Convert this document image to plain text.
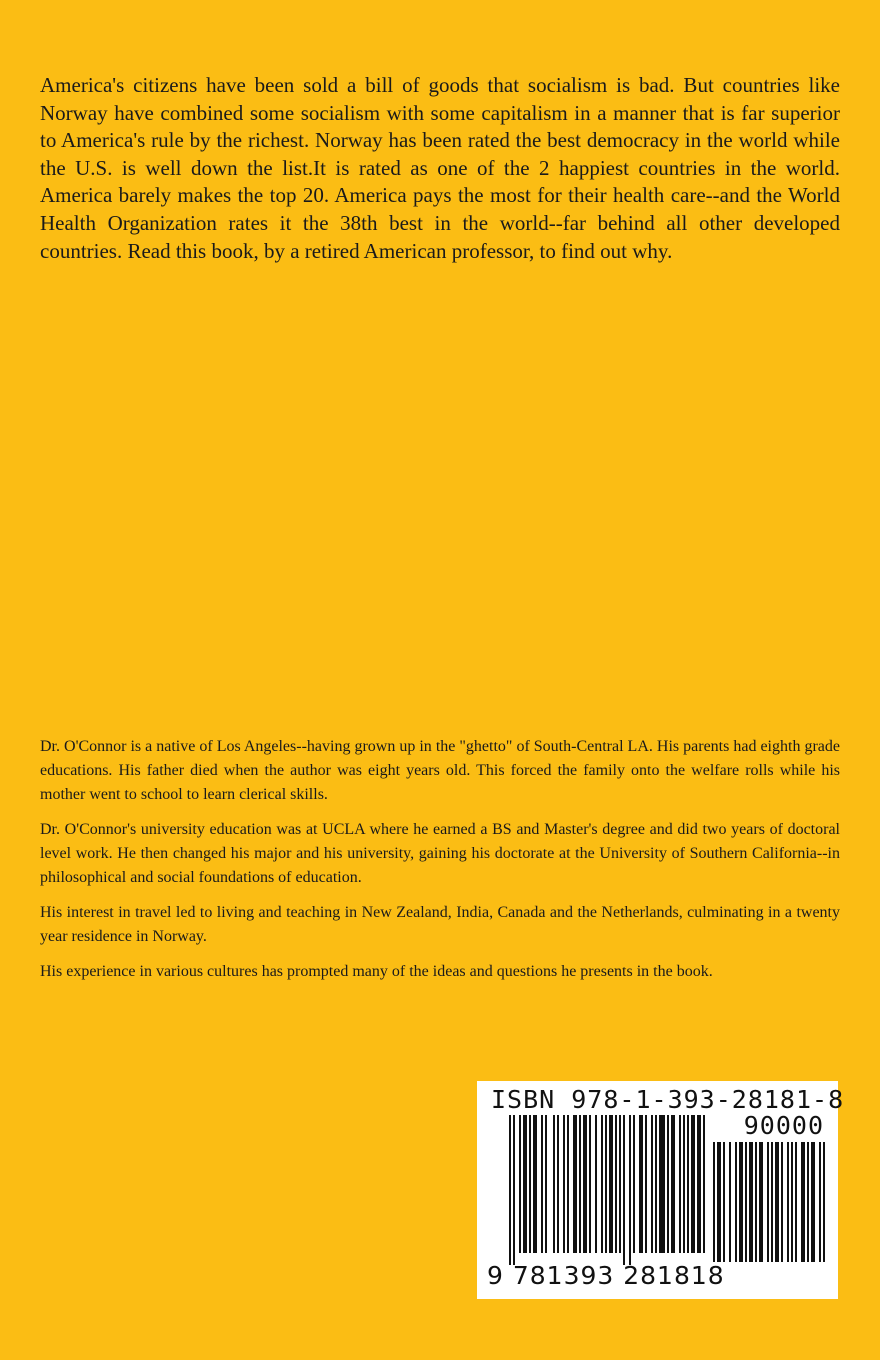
America's citizens have been sold a bill of goods that socialism is bad. But countries like Norway have combined some socialism with some capitalism in a manner that is far superior to America's rule by the richest. Norway has been rated the best democracy in the world while the U.S. is well down the list.It is rated as one of the 2 happiest countries in the world. America barely makes the top 20. America pays the most for their health care--and the World Health Organization rates it the 38th best in the world--far behind all other developed countries. Read this book, by a retired American professor, to find out why.

Dr. O'Connor is a native of Los Angeles--having grown up in the "ghetto" of South-Central LA. His parents had eighth grade educations. His father died when the author was eight years old. This forced the family onto the welfare rolls while his mother went to school to learn clerical skills.

Dr. O'Connor's university education was at UCLA where he earned a BS and Master's degree and did two years of doctoral level work. He then changed his major and his university, gaining his doctorate at the University of Southern California--in philosophical and social foundations of education.

His interest in travel led to living and teaching in New Zealand, India, Canada and the Netherlands, culminating in a twenty year residence in Norway.

His experience in various cultures has prompted many of the ideas and questions he presents in the book.

ISBN 978-1-393-28181-8
90000
9 781393 281818
